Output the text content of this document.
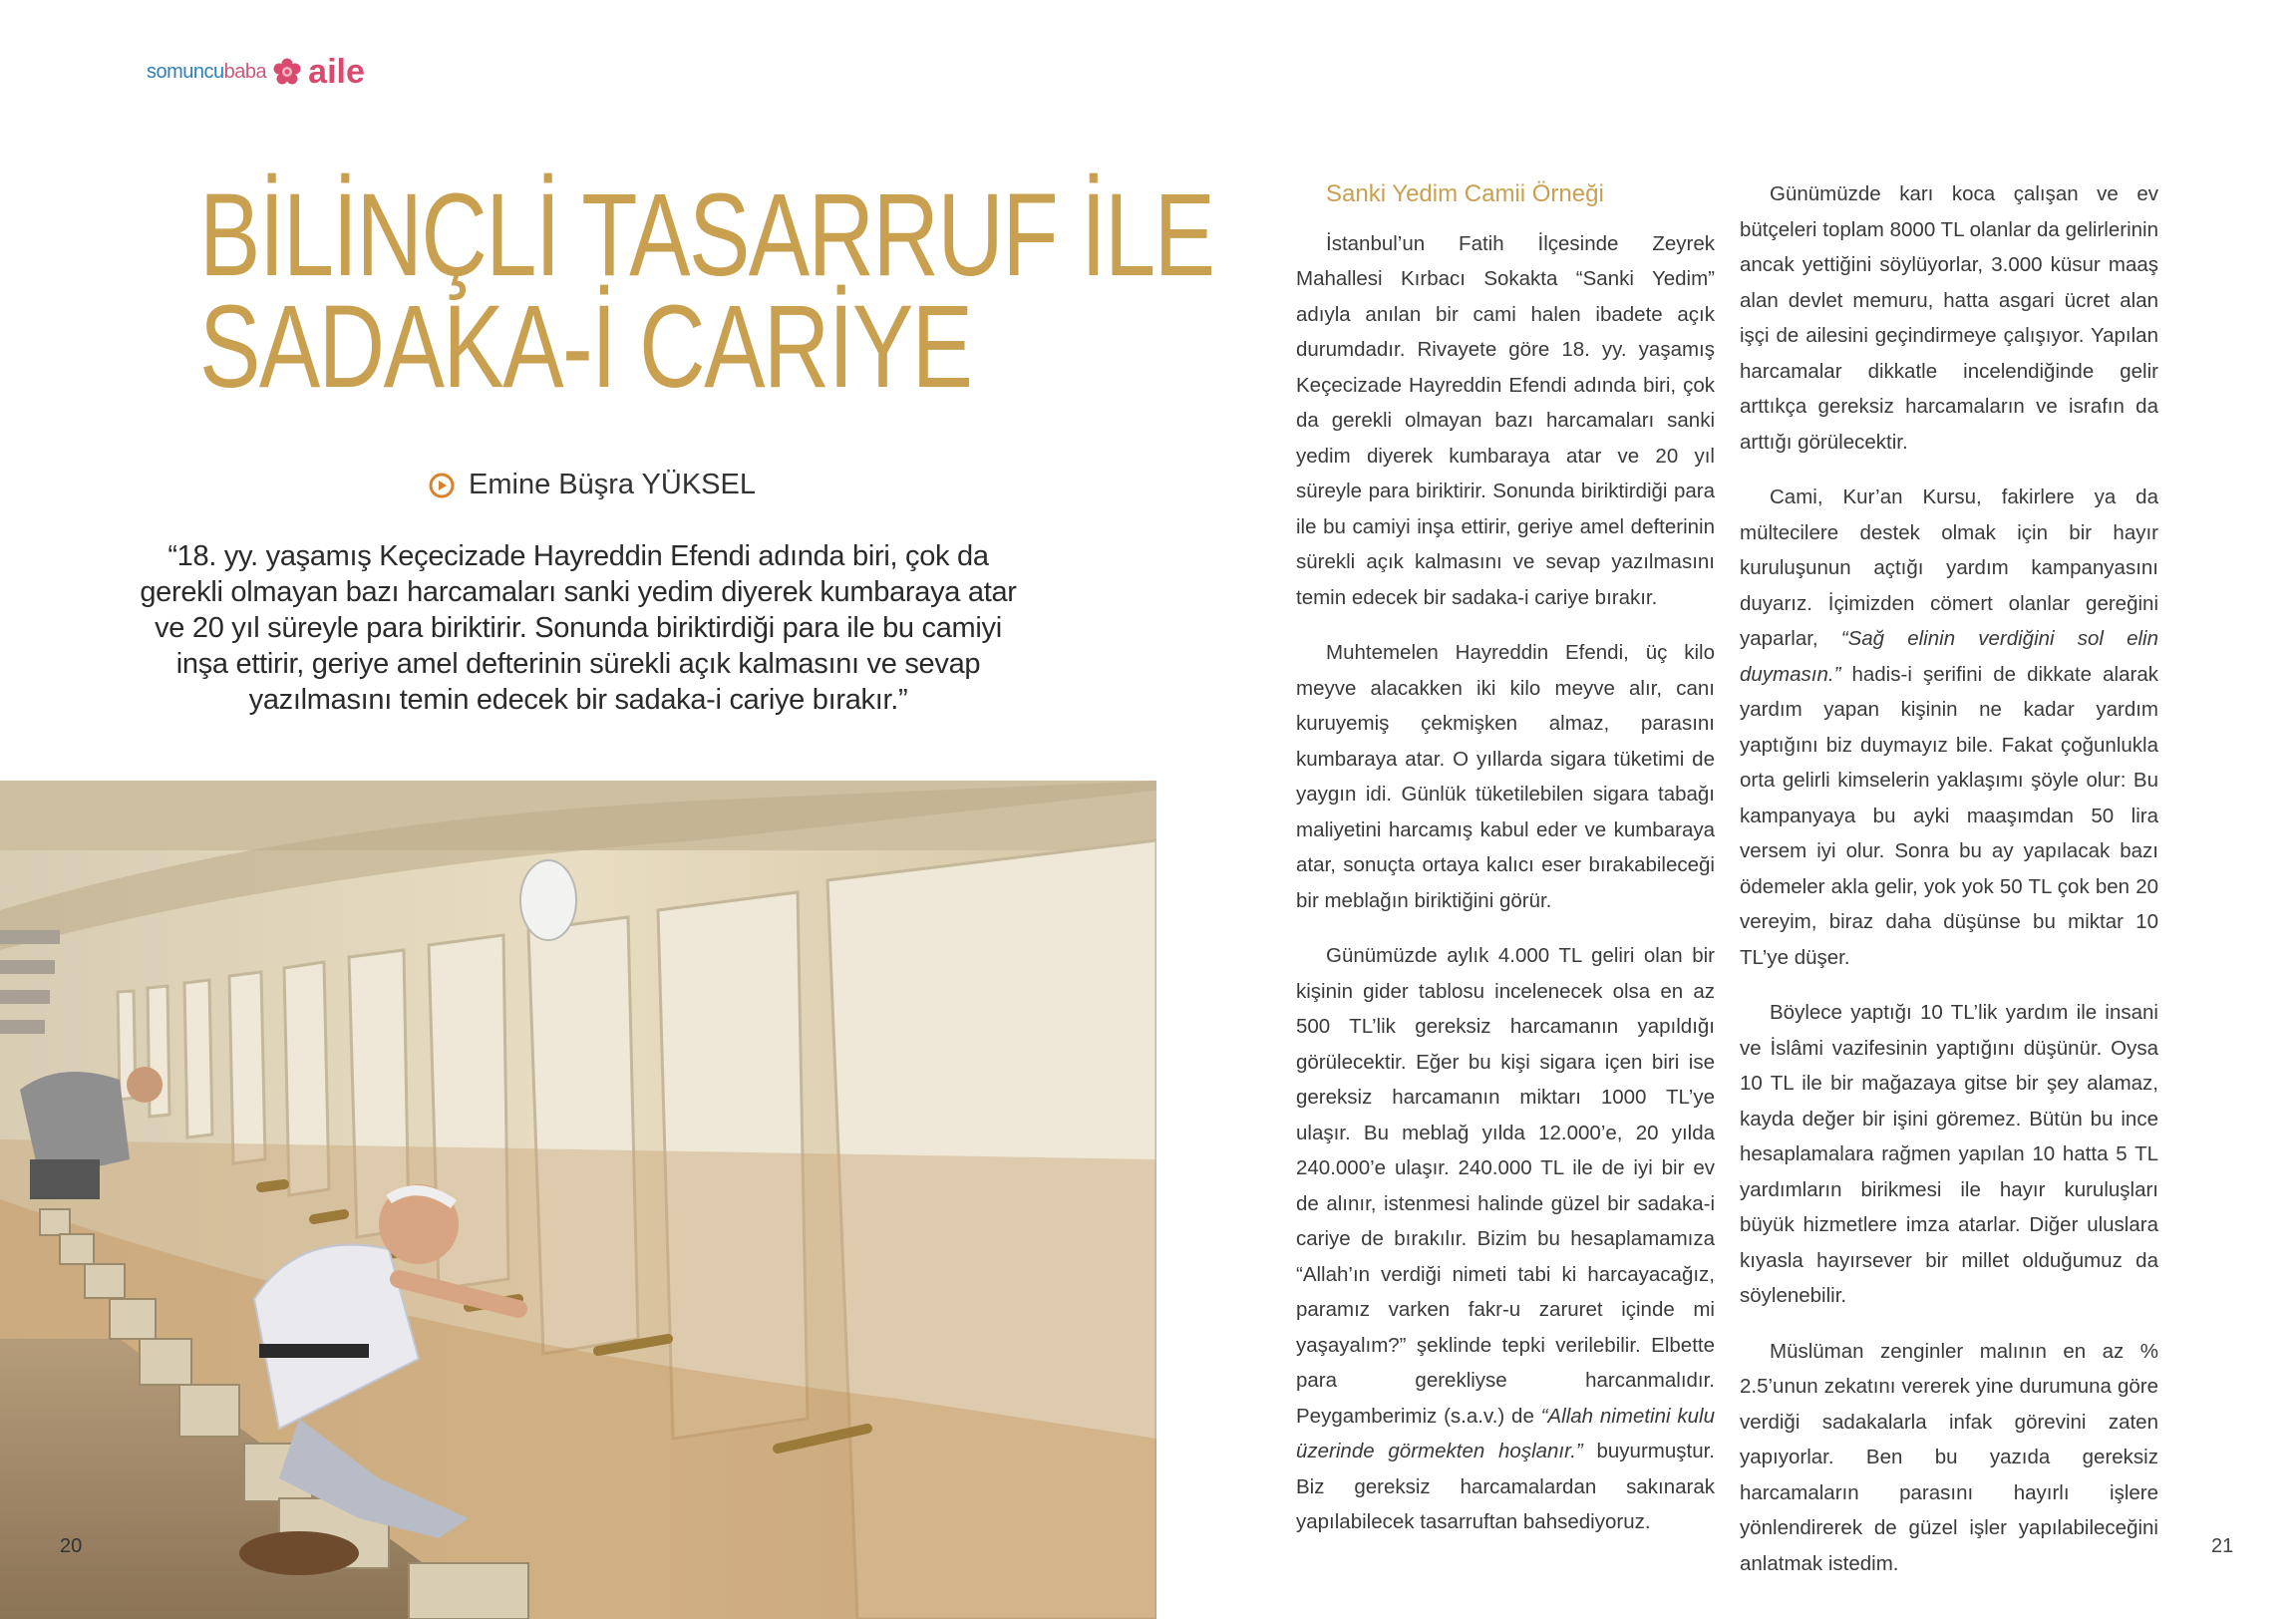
somuncubaba aile
BİLİNÇLİ TASARRUF İLE
SADAKA-İ CARİYE
Emine Büşra YÜKSEL
“18. yy. yaşamış Keçecizade Hayreddin Efendi adında biri, çok da gerekli olmayan bazı harcamaları sanki yedim diyerek kumbaraya atar ve 20 yıl süreyle para biriktirir. Sonunda biriktirdiği para ile bu camiyi inşa ettirir, geriye amel defterinin sürekli açık kalmasını ve sevap yazılmasını temin edecek bir sadaka-i cariye bırakır.”

Sanki Yedim Camii Örneği

İstanbul’un Fatih İlçesinde Zeyrek Mahallesi Kırbacı Sokakta “Sanki Yedim” adıyla anılan bir cami halen ibadete açık durumdadır. Rivayete göre 18. yy. yaşamış Keçecizade Hayreddin Efendi adında biri, çok da gerekli olmayan bazı harcamaları sanki yedim diyerek kumbaraya atar ve 20 yıl süreyle para biriktirir. Sonunda biriktirdiği para ile bu camiyi inşa ettirir, geriye amel defterinin sürekli açık kalmasını ve sevap yazılmasını temin edecek bir sadaka-i cariye bırakır.

Muhtemelen Hayreddin Efendi, üç kilo meyve alacakken iki kilo meyve alır, canı kuruyemiş çekmişken almaz, parasını kumbaraya atar. O yıllarda sigara tüketimi de yaygın idi. Günlük tüketilebilen sigara tabağı maliyetini harcamış kabul eder ve kumbaraya atar, sonuçta ortaya kalıcı eser bırakabileceği bir meblağın biriktiğini görür.

Günümüzde aylık 4.000 TL geliri olan bir kişinin gider tablosu incelenecek olsa en az 500 TL’lik gereksiz harcamanın yapıldığı görülecektir. Eğer bu kişi sigara içen biri ise gereksiz harcamanın miktarı 1000 TL’ye ulaşır. Bu meblağ yılda 12.000’e, 20 yılda 240.000’e ulaşır. 240.000 TL ile de iyi bir ev de alınır, istenmesi halinde güzel bir sadaka-i cariye de bırakılır. Bizim bu hesaplamamıza “Allah’ın verdiği nimeti tabi ki harcayacağız, paramız varken fakr-u zaruret içinde mi yaşayalım?” şeklinde tepki verilebilir. Elbette para gerekliyse harcanmalıdır. Peygamberimiz (s.a.v.) de “Allah nimetini kulu üzerinde görmekten hoşlanır.” buyurmuştur. Biz gereksiz harcamalardan sakınarak yapılabilecek tasarruftan bahsediyoruz.

Günümüzde karı koca çalışan ve ev bütçeleri toplam 8000 TL olanlar da gelirlerinin ancak yettiğini söylüyorlar, 3.000 küsur maaş alan devlet memuru, hatta asgari ücret alan işçi de ailesini geçindirmeye çalışıyor. Yapılan harcamalar dikkatle incelendiğinde gelir arttıkça gereksiz harcamaların ve israfın da arttığı görülecektir.

Cami, Kur’an Kursu, fakirlere ya da mültecilere destek olmak için bir hayır kuruluşunun açtığı yardım kampanyasını duyarız. İçimizden cömert olanlar gereğini yaparlar, “Sağ elinin verdiğini sol elin duymasın.” hadis-i şerifini de dikkate alarak yardım yapan kişinin ne kadar yardım yaptığını biz duymayız bile. Fakat çoğunlukla orta gelirli kimselerin yaklaşımı şöyle olur: Bu kampanyaya bu ayki maaşımdan 50 lira versem iyi olur. Sonra bu ay yapılacak bazı ödemeler akla gelir, yok yok 50 TL çok ben 20 vereyim, biraz daha düşünse bu miktar 10 TL’ye düşer.

Böylece yaptığı 10 TL’lik yardım ile insani ve İslâmi vazifesinin yaptığını düşünür. Oysa 10 TL ile bir mağazaya gitse bir şey alamaz, kayda değer bir işini göremez. Bütün bu ince hesaplamalara rağmen yapılan 10 hatta 5 TL yardımların birikmesi ile hayır kuruluşları büyük hizmetlere imza atarlar. Diğer uluslara kıyasla hayırsever bir millet olduğumuz da söylenebilir.

Müslüman zenginler malının en az % 2.5’unun zekatını vererek yine durumuna göre verdiği sadakalarla infak görevini zaten yapıyorlar. Ben bu yazıda gereksiz harcamaların parasını hayırlı işlere yönlendirerek de güzel işler yapılabileceğini anlatmak istedim.

20	21
